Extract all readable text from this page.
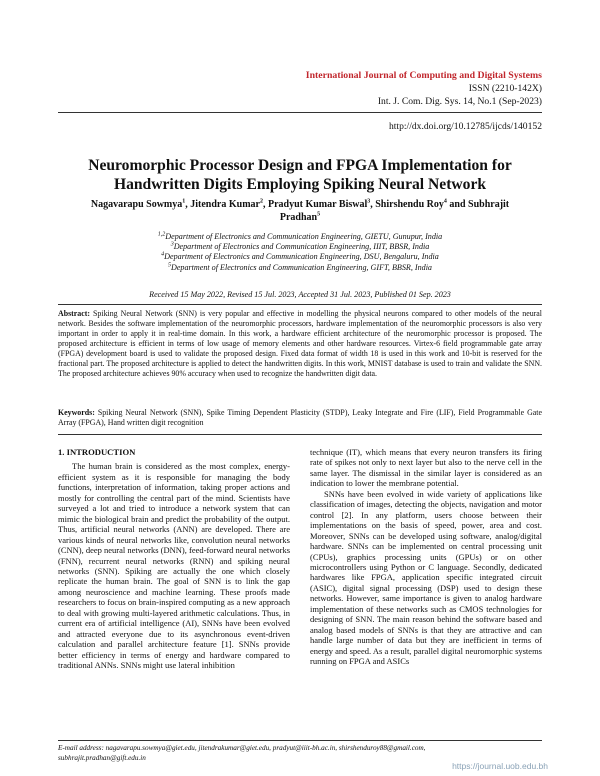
International Journal of Computing and Digital Systems
ISSN (2210-142X)
Int. J. Com. Dig. Sys. 14, No.1 (Sep-2023)
http://dx.doi.org/10.12785/ijcds/140152
Neuromorphic Processor Design and FPGA Implementation for
Handwritten Digits Employing Spiking Neural Network
Nagavarapu Sowmya$^1$, Jitendra Kumar$^2$, Pradyut Kumar Biswal$^3$, Shirshendu Roy$^4$ and Subhrajit Pradhan$^5$
$^{1,2}$Department of Electronics and Communication Engineering, GIETU, Gunupur, India
$^3$Department of Electronics and Communication Engineering, IIIT, BBSR, India
$^4$Department of Electronics and Communication Engineering, DSU, Bengaluru, India
$^5$Department of Electronics and Communication Engineering, GIFT, BBSR, India
Received 15 May 2022, Revised 15 Jul. 2023, Accepted 31 Jul. 2023, Published 01 Sep. 2023
Abstract: Spiking Neural Network (SNN) is very popular and effective in modelling the physical neurons compared to other models of the neural network. Besides the software implementation of the neuromorphic processors, hardware implementation of the neuromorphic processors is also very important in order to apply it in real-time domain. In this work, a hardware efficient architecture of the neuromorphic processor is proposed. The proposed architecture is efficient in terms of low usage of memory elements and other hardware resources. Virtex-6 field programmable gate array (FPGA) development board is used to validate the proposed design. Fixed data format of width 18 is used in this work and 10-bit is reserved for the fractional part. The proposed architecture is applied to detect the handwritten digits. In this work, MNIST database is used to train and validate the SNN. The proposed architecture achieves 90% accuracy when used to recognize the handwritten digit data.
Keywords: Spiking Neural Network (SNN), Spike Timing Dependent Plasticity (STDP), Leaky Integrate and Fire (LIF), Field Programmable Gate Array (FPGA), Hand written digit recognition
1. INTRODUCTION

The human brain is considered as the most complex, energy-efficient system as it is responsible for managing the body functions, interpretation of information, taking proper actions and mostly for controlling the central part of the mind. Scientists have surveyed a lot and tried to introduce a network system that can mimic the biological brain and predict the probability of the output. Thus, artificial neural networks (ANN) are developed. There are various kinds of neural networks like, convolution neural networks (CNN), deep neural networks (DNN), feed-forward neural networks (FNN), recurrent neural networks (RNN) and spiking neural networks (SNN). Spiking are actually the one which closely replicate the human brain. The goal of SNN is to link the gap among neuroscience and machine learning. These proofs made researchers to focus on brain-inspired computing as a new approach to deal with growing multi-layered arithmetic calculations. Thus, in current era of artificial intelligence (AI), SNNs have been evolved and attracted everyone due to its asynchronous event-driven calculation and parallel architecture feature [1]. SNNs provide better efficiency in terms of energy and hardware compared to traditional ANNs. SNNs might use lateral inhibition

technique (IT), which means that every neuron transfers its firing rate of spikes not only to next layer but also to the nerve cell in the same layer. The dismissal in the similar layer is considered as an indication to lower the membrane potential.

SNNs have been evolved in wide variety of applications like classification of images, detecting the objects, navigation and motor control [2]. In any platform, users choose between their implementations on the basis of speed, power, area and cost. Moreover, SNNs can be developed using software, analog/digital hardware. SNNs can be implemented on central processing unit (CPUs), graphics processing units (GPUs) or on other microcontrollers using Python or C language. Secondly, dedicated hardwares like FPGA, application specific integrated circuit (ASIC), digital signal processing (DSP) used to design these networks. However, same importance is given to analog hardware implementation of these networks such as CMOS technologies for designing of SNN. The main reason behind the software based and analog based models of SNNs is that they are attractive and can handle large number of data but they are inefficient in terms of energy and speed. As a result, parallel digital neuromorphic systems running on FPGA and ASICs

E-mail address: nagavarapu.sowmya@giet.edu, jitendrakumar@giet.edu, pradyut@iiit-bh.ac.in, shirshenduroy88@gmail.com,
subhrajit.pradhan@gift.edu.in
https://journal.uob.edu.bh
